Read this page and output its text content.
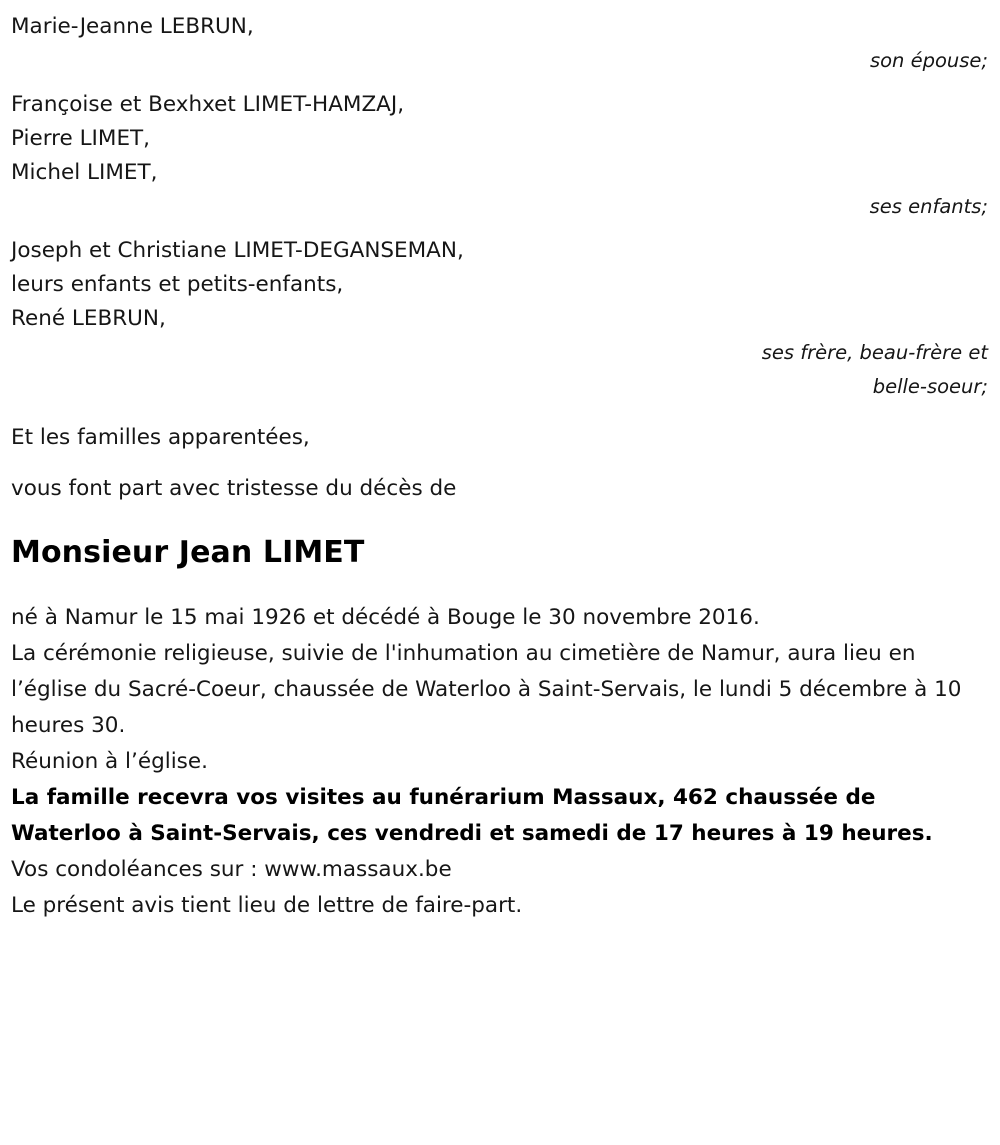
Marie-Jeanne LEBRUN,
son épouse;
Françoise et Bexhxet LIMET-HAMZAJ,
Pierre LIMET,
Michel LIMET,
ses enfants;
Joseph et Christiane LIMET-DEGANSEMAN,
leurs enfants et petits-enfants,
René LEBRUN,
ses frère, beau-frère et belle-soeur;
Et les familles apparentées,
vous font part avec tristesse du décès de
Monsieur Jean LIMET
né à Namur le 15 mai 1926 et décédé à Bouge le 30 novembre 2016.
La cérémonie religieuse, suivie de l'inhumation au cimetière de Namur, aura lieu en l’église du Sacré-Coeur, chaussée de Waterloo à Saint-Servais, le lundi 5 décembre à 10 heures 30.
Réunion à l’église.
La famille recevra vos visites au funérarium Massaux, 462 chaussée de Waterloo à Saint-Servais, ces vendredi et samedi de 17 heures à 19 heures.
Vos condoléances sur : www.massaux.be
Le présent avis tient lieu de lettre de faire-part.
